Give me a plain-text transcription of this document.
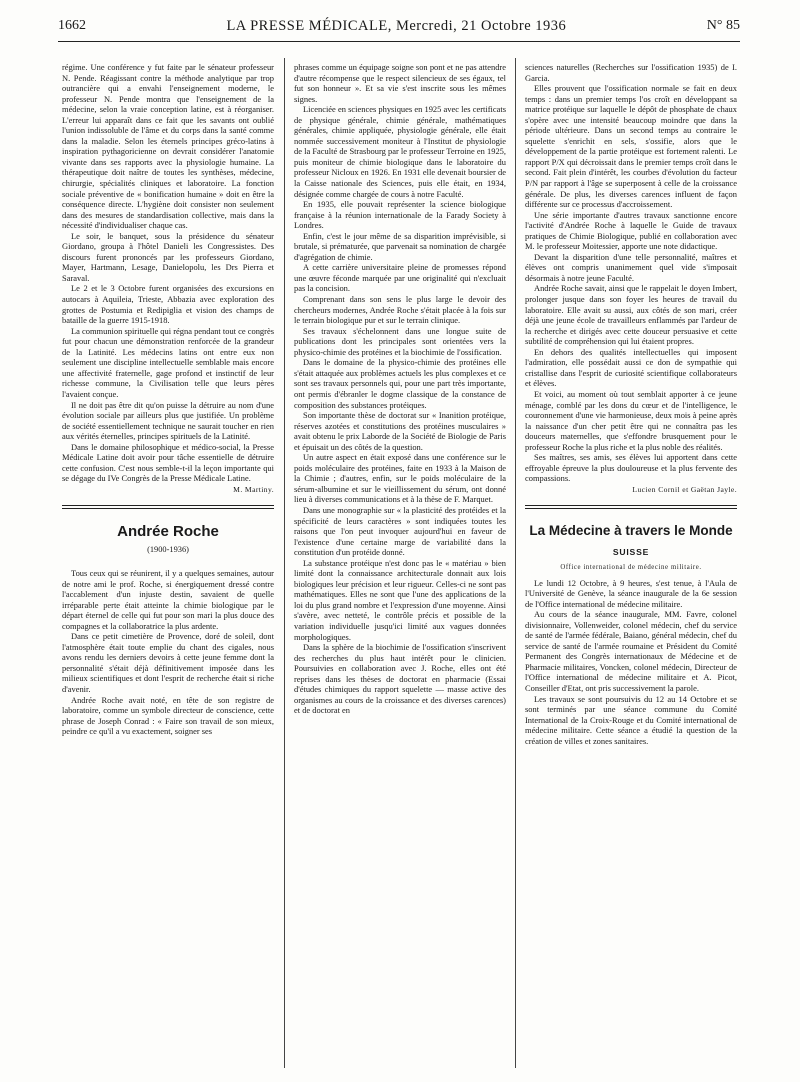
1662	LA PRESSE MÉDICALE, Mercredi, 21 Octobre 1936	N° 85

régime. Une conférence y fut faite par le sénateur professeur N. Pende. Réagissant contre la méthode analytique par trop outrancière qui a envahi l'enseignement moderne, le professeur N. Pende montra que l'enseignement de la médecine, selon la vraie conception latine, est à réorganiser. L'erreur lui apparaît dans ce fait que les savants ont oublié l'union indissoluble de l'âme et du corps dans la santé comme dans la maladie. Selon les éternels principes gréco-latins à inspiration pythagoricienne on devrait considérer l'anatomie vivante dans ses rapports avec la physiologie humaine. La thérapeutique doit naître de toutes les synthèses, médecine, chirurgie, spécialités cliniques et laboratoire. La fonction sociale préventive de « bonification humaine » doit en être la conséquence directe. L'hygiène doit consister non seulement dans des mesures de standardisation collective, mais dans la nécessité d'individualiser chaque cas.

Le soir, le banquet, sous la présidence du sénateur Giordano, groupa à l'hôtel Danieli les Congressistes. Des discours furent prononcés par les professeurs Giordano, Mayer, Hartmann, Lesage, Danielopolu, les Drs Pierra et Saraval.

Le 2 et le 3 Octobre furent organisées des excursions en autocars à Aquileia, Trieste, Abbazia avec exploration des grottes de Postumia et Redipiglia et vision des champs de bataille de la guerre 1915-1918.

La communion spirituelle qui régna pendant tout ce congrès fut pour chacun une démonstration renforcée de la grandeur de la Latinité. Les médecins latins ont entre eux non seulement une discipline intellectuelle semblable mais encore une affectivité fraternelle, gage profond et instinctif de leur richesse commune, la Civilisation telle que leurs pères l'avaient conçue.

Il ne doit pas être dit qu'on puisse la détruire au nom d'une évolution sociale par ailleurs plus que justifiée. Un problème de société essentiellement technique ne saurait toucher en rien aux vérités éternelles, principes spirituels de la Latinité.

Dans le domaine philosophique et médico-social, la Presse Médicale Latine doit avoir pour tâche essentielle de détruire cette confusion. C'est nous semble-t-il la leçon importante qui se dégage du IVe Congrès de la Presse Médicale Latine.

M. Martiny.
Andrée Roche
(1900-1936)

Tous ceux qui se réunirent, il y a quelques semaines, autour de notre ami le prof. Roche, si énergiquement dressé contre l'accablement d'un injuste destin, savaient de quelle irréparable perte était atteinte la chimie biologique par le départ éternel de celle qui fut pour son mari la plus douce des compagnes et la collaboratrice la plus ardente.

Dans ce petit cimetière de Provence, doré de soleil, dont l'atmosphère était toute emplie du chant des cigales, nous avons rendu les derniers devoirs à cette jeune femme dont la personnalité s'était déjà définitivement imposée dans les milieux scientifiques et dont l'esprit de recherche était si riche d'avenir.

Andrée Roche avait noté, en tête de son registre de laboratoire, comme un symbole directeur de conscience, cette phrase de Joseph Conrad : « Faire son travail de son mieux, peindre ce qu'il a vu exactement, soigner ses

phrases comme un équipage soigne son pont et ne pas attendre d'autre récompense que le respect silencieux de ses égaux, tel fut son honneur ». Et sa vie s'est inscrite sous les mêmes signes.

Licenciée en sciences physiques en 1925 avec les certificats de physique générale, chimie générale, mathématiques générales, chimie appliquée, physiologie générale, elle était nommée successivement moniteur à l'Institut de physiologie de la Faculté de Strasbourg par le professeur Terroine en 1925, puis moniteur de chimie biologique dans le laboratoire du professeur Nicloux en 1926. En 1931 elle devenait boursier de la Caisse nationale des Sciences, puis elle était, en 1934, désignée comme chargée de cours à notre Faculté.

En 1935, elle pouvait représenter la science biologique française à la réunion internationale de la Farady Society à Londres.

Enfin, c'est le jour même de sa disparition imprévisible, si brutale, si prématurée, que parvenait sa nomination de chargée d'agrégation de chimie.

A cette carrière universitaire pleine de promesses répond une œuvre féconde marquée par une originalité qui n'excluait pas la concision.

Comprenant dans son sens le plus large le devoir des chercheurs modernes, Andrée Roche s'était placée à la fois sur le terrain biologique pur et sur le terrain clinique.

Ses travaux s'échelonnent dans une longue suite de publications dont les principales sont orientées vers la physico-chimie des protéines et la biochimie de l'ossification.

Dans le domaine de la physico-chimie des protéines elle s'était attaquée aux problèmes actuels les plus complexes et ce sont ses travaux personnels qui, pour une part très importante, ont permis d'ébranler le dogme classique de la constance de composition des substances protéiques.

Son importante thèse de doctorat sur « Inanition protéique, réserves azotées et constitutions des protéines musculaires » avait obtenu le prix Laborde de la Société de Biologie de Paris et épuisait un des côtés de la question.

Un autre aspect en était exposé dans une conférence sur le poids moléculaire des protéines, faite en 1933 à la Maison de la Chimie ; d'autres, enfin, sur le poids moléculaire de la sérum-albumine et sur le vieillissement du sérum, ont donné lieu à diverses communications et à la thèse de F. Marquet.

Dans une monographie sur « la plasticité des protéides et la spécificité de leurs caractères » sont indiquées toutes les raisons que l'on peut invoquer aujourd'hui en faveur de l'existence d'une certaine marge de variabilité dans la constitution d'un protéide donné.

La substance protéique n'est donc pas le « matériau » bien limité dont la connaissance architecturale donnait aux lois biologiques leur précision et leur rigueur. Celles-ci ne sont pas mathématiques. Elles ne sont que l'une des applications de la loi du plus grand nombre et l'expression d'une moyenne. Ainsi s'avère, avec netteté, le contrôle précis et possible de la variation individuelle jusqu'ici limité aux vagues données morphologiques.

Dans la sphère de la biochimie de l'ossification s'inscrivent des recherches du plus haut intérêt pour le clinicien. Poursuivies en collaboration avec J. Roche, elles ont été reprises dans les thèses de doctorat en pharmacie (Essai d'études chimiques du rapport squelette — masse active des organismes au cours de la croissance et des diverses carences) et de doctorat en

sciences naturelles (Recherches sur l'ossification 1935) de I. Garcia.

Elles prouvent que l'ossification normale se fait en deux temps : dans un premier temps l'os croît en développant sa matrice protéique sur laquelle le dépôt de phosphate de chaux s'opère avec une intensité beaucoup moindre que dans la période ultérieure. Dans un second temps au contraire le squelette s'enrichit en sels, s'ossifie, alors que le développement de la partie protéique est fortement ralenti. Le rapport P/X qui décroissait dans le premier temps croît dans le second. Fait plein d'intérêt, les courbes d'évolution du facteur P/N par rapport à l'âge se superposent à celle de la croissance générale. De plus, les diverses carences influent de façon différente sur ce processus d'accroissement.

Une série importante d'autres travaux sanctionne encore l'activité d'Andrée Roche à laquelle le Guide de travaux pratiques de Chimie Biologique, publié en collaboration avec M. le professeur Moitessier, apporte une note didactique.

Devant la disparition d'une telle personnalité, maîtres et élèves ont compris unanimement quel vide s'imposait désormais à notre jeune Faculté.

Andrée Roche savait, ainsi que le rappelait le doyen Imbert, prolonger jusque dans son foyer les heures de travail du laboratoire. Elle avait su aussi, aux côtés de son mari, créer déjà une jeune école de travailleurs enflammés par l'ardeur de la recherche et dirigés avec cette douceur persuasive et cette subtilité de compréhension qui lui étaient propres.

En dehors des qualités intellectuelles qui imposent l'admiration, elle possédait aussi ce don de sympathie qui cristallise dans l'esprit de curiosité scientifique collaborateurs et élèves.

Et voici, au moment où tout semblait apporter à ce jeune ménage, comblé par les dons du cœur et de l'intelligence, le couronnement d'une vie harmonieuse, deux mois à peine après la naissance d'un cher petit être qui ne connaîtra pas les douceurs maternelles, que s'effondre brusquement pour le professeur Roche la plus riche et la plus noble des réalités.

Ses maîtres, ses amis, ses élèves lui apportent dans cette effroyable épreuve la plus douloureuse et la plus fervente des compassions.

Lucien Cornil et Gaëtan Jayle.
La Médecine à travers le Monde
SUISSE
Office international de médecine militaire.

Le lundi 12 Octobre, à 9 heures, s'est tenue, à l'Aula de l'Université de Genève, la séance inaugurale de la 6e session de l'Office international de médecine militaire.

Au cours de la séance inaugurale, MM. Favre, colonel divisionnaire, Vollenweider, colonel médecin, chef du service de santé de l'armée fédérale, Baiano, général médecin, chef du service de santé de l'armée roumaine et Président du Comité Permanent des Congrès internationaux de Médecine et de Pharmacie militaires, Voncken, colonel médecin, Directeur de l'Office international de médecine militaire et A. Picot, Conseiller d'Etat, ont pris successivement la parole.

Les travaux se sont poursuivis du 12 au 14 Octobre et se sont terminés par une séance commune du Comité International de la Croix-Rouge et du Comité international de médecine militaire. Cette séance a étudié la question de la création de villes et zones sanitaires.
